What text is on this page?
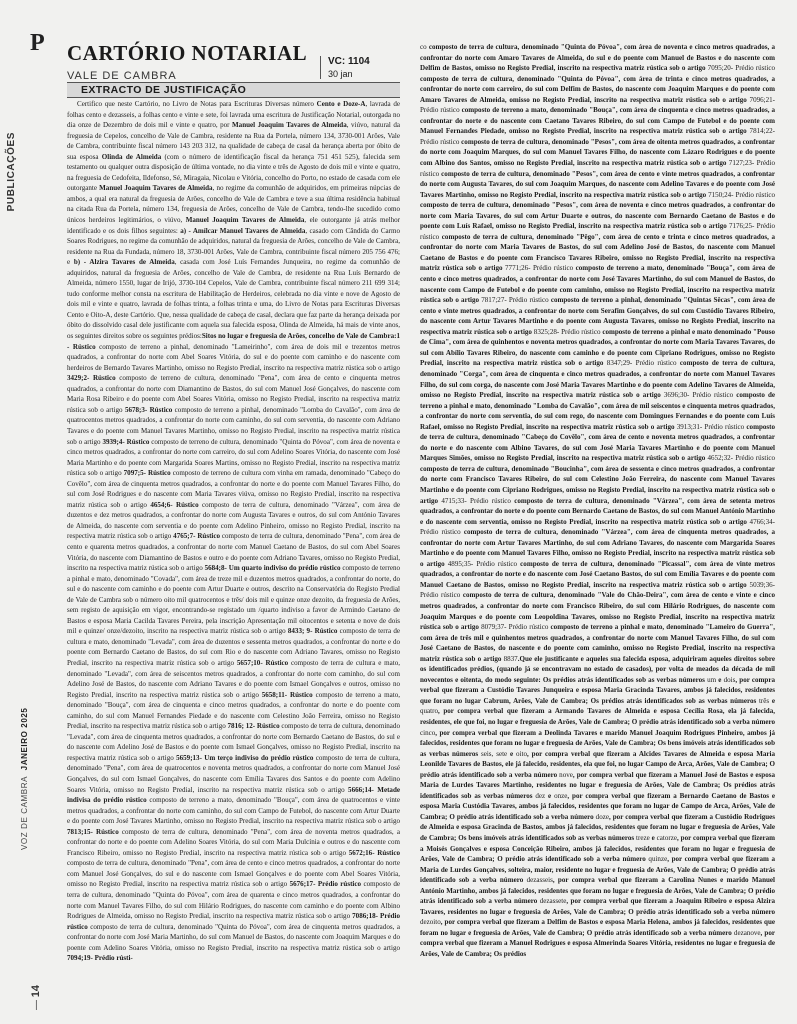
P
PUBLICAÇÕES
VOZ DE CAMBRA  JANEIRO 2025
— 14
CARTÓRIO NOTARIAL
VALE DE CAMBRA
VC: 1104
30 jan
EXTRACTO DE JUSTIFICAÇÃO

Certifico que neste Cartório, no Livro de Notas para Escrituras Diversas número Cento e Doze-A, lavrada de folhas cento e dezasseis, a folhas cento e vinte e sete, foi lavrada uma escritura de Justificação Notarial, outorgada no dia onze de Dezembro de dois mil e vinte e quatro, por Manuel Joaquim Tavares de Almeida, viúvo, natural da freguesia de Cepelos, concelho de Vale de Cambra, residente na Rua da Portela, número 134, 3730-001 Arões, Vale de Cambra, contribuinte fiscal número 143 203 312, na qualidade de cabeça de casal da herança aberta por óbito de sua esposa Olinda de Almeida (com o número de identificação fiscal da herança 751 451 525), falecida sem testamento ou qualquer outra disposição de última vontade, no dia vinte e três de Agosto de dois mil e vinte e quatro, na freguesia de Cedofeita, Ildefonso, Sé, Miragaia, Nicolau e Vitória, concelho do Porto, no estado de casada com ele outorgante Manuel Joaquim Tavares de Almeida, no regime da comunhão de adquiridos, em primeiras núpcias de ambos, a qual era natural da freguesia de Arões, concelho de Vale de Cambra e teve a sua última residência habitual na citada Rua da Portela, número 134, freguesia de Arões, concelho de Vale de Cambra, tendo-lhe sucedido como únicos herdeiros legitimários, o viúvo, Manuel Joaquim Tavares de Almeida, ele outorgante já atrás melhor identificado e os dois filhos seguintes: a) - Amílcar Manuel Tavares de Almeida, casado com Cândida do Carmo Soares Rodrigues, no regime da comunhão de adquiridos, natural da freguesia de Arões, concelho de Vale de Cambra, residente na Rua da Fundada, número 18, 3730-001 Arões, Vale de Cambra, contribuinte fiscal número 205 756 476; e b) - Alzira Tavares de Almeida, casada com José Luís Fernandes Junqueira, no regime da comunhão de adquiridos, natural da freguesia de Arões, concelho de Vale de Cambra, de residente na Rua Luís Bernardo de Almeida, número 1550, lugar de Irijó, 3730-104 Cepelos, Vale de Cambra, contribuinte fiscal número 211 699 314; tudo conforme melhor consta na escritura de Habilitação de Herdeiros, celebrada no dia vinte e nove de Agosto de dois mil e vinte e quatro, lavrada de folhas trinta, a folhas trinta e uma, do Livro de Notas para Escrituras Diversas Cento e Oito-A, deste Cartório. Que, nessa qualidade de cabeça de casal, declara que faz parte da herança deixada por óbito do dissolvido casal dele justificante com aquela sua falecida esposa, Olinda de Almeida, há mais de vinte anos, os seguintes direitos sobre os seguintes prédios:Sitos no lugar e freguesia de Arões, concelho de Vale de Cambra:1 - Rústico composto de terreno a pinhal, denominado "Lameirinho", com área de dois mil e trezentos metros quadrados, a confrontar do norte com Abel Soares Vitória, do sul e do poente com caminho e do nascente com herdeiros de Bernardo Tavares Martinho, omisso no Registo Predial, inscrito na respectiva matriz rústica sob o artigo 3429;2- Rústico composto de terreno de cultura, denominado "Pena", com área de cento e cinquenta metros quadrados, a confrontar do norte com Diamantino de Bastos, do sul com Manuel José Gonçalves, do nascente com Maria Rosa Ribeiro e do poente com Abel Soares Vitória, omisso no Registo Predial, inscrito na respectiva matriz rústica sob o artigo 5678;3- Rústico composto de terreno a pinhal, denominado "Lomba do Cavalão", com área de quatrocentos metros quadrados, a confrontar do norte com caminho, do sul com serventia, do nascente com Adriano Tavares e do poente com Manuel Tavares Martinho, omisso no Registo Predial, inscrito na respectiva matriz rústica sob o artigo 3939;4- Rústico composto de terreno de cultura, denominado "Quinta do Póvoa", com área de noventa e cinco metros quadrados, a confrontar do norte com carreiro, do sul com Adelino Soares Vitória, do nascente com José Maria Martinho e do poente com Margarida Soares Martins, omisso no Registo Predial, inscrito na respectiva matriz rústica sob o artigo 7097;5- Rústico composto de terreno de cultura com vinha em ramada, denominado "Cabeço do Covêlo", com área de cinquenta metros quadrados, a confrontar do norte e do poente com Manuel Tavares Filho, do sul com José Rodrigues e do nascente com Maria Tavares viúva, omisso no Registo Predial, inscrito na respectiva matriz rústica sob o artigo 4654;6- Rústico composto de terra de cultura, denominado "Várzea", com área de duzentos e dez metros quadrados, a confrontar do norte com Augusta Tavares e outros, do sul com António Tavares de Almeida, do nascente com serventia e do poente com Adelino Pinheiro, omisso no Registo Predial, inscrito na respectiva matriz rústica sob o artigo 4765;7- Rústico composto de terra de cultura, denominado "Pena", com área de cento e quarenta metros quadrados, a confrontar do norte com Manuel Caetano de Bastos, do sul com Abel Soares Vitória, do nascente com Diamantino de Bastos e outro e do poente com Adriano Tavares, omisso no Registo Predial, inscrito na respectiva matriz rústica sob o artigo 5684;8- Um quarto indiviso do prédio rústico composto de terreno a pinhal e mato, denominado "Covada", com área de treze mil e duzentos metros quadrados, a confrontar do norte, do sul e do nascente com caminho e do poente com Artur Duarte e outros, descrito na Conservatória do Registo Predial de Vale de Cambra sob o número oito mil quatrocentos e três/ dois mil e quinze onze dezoito, da freguesia de Arões, sem registo de aquisição em vigor, encontrando-se registado um /quarto indiviso a favor de Armindo Caetano de Bastos e esposa Maria Cacilda Tavares Pereira, pela inscrição Apresentação mil oitocentos e setenta e nove de dois mil e quinze/ onze/dezoito, inscrito na respectiva matriz rústica sob o artigo 8433; 9- Rústico composto de terra de cultura e mato, denominado "Levada", com área de duzentos e sessenta metros quadrados, a confrontar do norte e do poente com Bernardo Caetano de Bastos, do sul com Rio e do nascente com Adriano Tavares, omisso no Registo Predial, inscrito na respectiva matriz rústica sob o artigo 5657;10- Rústico composto de terra de cultura e mato, denominado "Levada", com área de seiscentos metros quadrados, a confrontar do norte com caminho, do sul com Adelino José de Bastos, do nascente com Adriano Tavares e do poente com Ismael Gonçalves e outros, omisso no Registo Predial, inscrito na respectiva matriz rústica sob o artigo 5658;11- Rústico composto de terreno a mato, denominado "Bouça", com área de cinquenta e cinco metros quadrados, a confrontar do norte e do poente com caminho, do sul com Manuel Fernandes Piedade e do nascente com Celestino João Ferreira, omisso no Registo Predial, inscrito na respectiva matriz rústica sob o artigo 7816; 12- Rústico composto de terra de cultura, denominado "Levada", com área de cinquenta metros quadrados, a confrontar do norte com Bernardo Caetano de Bastos, do sul e do nascente com Adelino José de Bastos e do poente com Ismael Gonçalves, omisso no Registo Predial, inscrito na respectiva matriz rústica sob o artigo 5659;13- Um terço indiviso do prédio rústico composto de terra de cultura, denominado "Pena", com área de quatrocentos e noventa metros quadrados, a confrontar do norte com Manuel José Gonçalves, do sul com Ismael Gonçalves, do nascente com Emília Tavares dos Santos e do poente com Adelino Soares Vitória, omisso no Registo Predial, inscrito na respectiva matriz rústica sob o artigo 5666;14- Metade indivisa do prédio rústico composto de terreno a mato, denominado "Bouça", com área de quatrocentos e vinte metros quadrados, a confrontar do norte com caminho, do sul com Campo de Futebol, do nascente com Artur Duarte e do poente com José Tavares Martinho, omisso no Registo Predial, inscrito na respectiva matriz rústica sob o artigo 7813;15- Rústico composto de terra de cultura, denominado "Pena", com área de noventa metros quadrados, a confrontar do norte e do poente com Adelino Soares Vitória, do sul com Maria Dulcínia e outros e do nascente com Francisco Ribeiro, omisso no Registo Predial, inscrito na respectiva matriz rústica sob o artigo 5672;16- Rústico composto de terra de cultura, denominado "Pena", com área de cento e cinco metros quadrados, a confrontar do norte com Manuel José Gonçalves, do sul e do nascente com Ismael Gonçalves e do poente com Abel Soares Vitória, omisso no Registo Predial, inscrito na respectiva matriz rústica sob o artigo 5676;17- Prédio rústico composto de terra de cultura, denominado "Quinta do Póvoa", com área de quarenta e cinco metros quadrados, a confrontar do norte com Manuel Tavares Filho, do sul com Hilário Rodrigues, do nascente com caminho e do poente com Albino Rodrigues de Almeida, omisso no Registo Predial, inscrito na respectiva matriz rústica sob o artigo 7086;18- Prédio rústico composto de terra de cultura, denominado "Quinta do Póvoa", com área de cinquenta metros quadrados, a confrontar do norte com José Maria Martinho, do sul com Manuel de Bastos, do nascente com Joaquim Marques e do poente com Adelino Soares Vitória, omisso no Registo Predial, inscrito na respectiva matriz rústica sob o artigo 7094;19- Prédio rústi-

co composto de terra de cultura, denominado "Quinta do Póvoa", com área de noventa e cinco metros quadrados, a confrontar do norte com Amaro Tavares de Almeida, do sul e do poente com Manuel de Bastos e do nascente com Delfim de Bastos, omisso no Registo Predial, inscrito na respectiva matriz rústica sob o artigo 7095;20- Prédio rústico composto de terra de cultura, denominado "Quinta do Póvoa", com área de trinta e cinco metros quadrados, a confrontar do norte com carreiro, do sul com Delfim de Bastos, do nascente com Joaquim Marques e do poente com Amaro Tavares de Almeida, omisso no Registo Predial, inscrito na respectiva matriz rústica sob o artigo 7096;21- Prédio rústico composto de terreno a mato, denominado "Bouça", com área de cinquenta e cinco metros quadrados, a confrontar do norte e do nascente com Caetano Tavares Ribeiro, do sul com Campo de Futebol e do poente com Manuel Fernandes Piedade, omisso no Registo Predial, inscrito na respectiva matriz rústica sob o artigo 7814;22- Prédio rústico composto de terra de cultura, denominado "Pesos", com área de oitenta metros quadrados, a confrontar do norte com Joaquim Marques, do sul com Manuel Tavares Filho, do nascente com Lázaro Rodrigues e do poente com Albino dos Santos, omisso no Registo Predial, inscrito na respectiva matriz rústica sob o artigo 7127;23- Prédio rústico composto de terra de cultura, denominado "Pesos", com área de cento e vinte metros quadrados, a confrontar do norte com Augusta Tavares, do sul com Joaquim Marques, do nascente com Adelino Tavares e do poente com José Tavares Martinho, omisso no Registo Predial, inscrito na respectiva matriz rústica sob o artigo 7150;24- Prédio rústico composto de terra de cultura, denominado "Pesos", com área de noventa e cinco metros quadrados, a confrontar do norte com Maria Tavares, do sul com Artur Duarte e outros, do nascente com Bernardo Caetano de Bastos e do poente com Luís Rafael, omisso no Registo Predial, inscrito na respectiva matriz rústica sob o artigo 7176;25- Prédio rústico composto de terra de cultura, denominado "Pêgo", com área de cento e trinta e cinco metros quadrados, a confrontar do norte com Maria Tavares de Bastos, do sul com Adelino José de Bastos, do nascente com Manuel Caetano de Bastos e do poente com Francisco Tavares Ribeiro, omisso no Registo Predial, inscrito na respectiva matriz rústica sob o artigo 7771;26- Prédio rústico composto de terreno a mato, denominado "Bouça", com área de cento e cinco metros quadrados, a confrontar do norte com José Tavares Martinho, do sul com Manuel de Bastos, do nascente com Campo de Futebol e do poente com caminho, omisso no Registo Predial, inscrito na respectiva matriz rústica sob o artigo 7817;27- Prédio rústico composto de terreno a pinhal, denominado "Quintas Sêcas", com área de cento e vinte metros quadrados, a confrontar do norte com Serafim Gonçalves, do sul com Custódio Tavares Ribeiro, do nascente com Artur Tavares Martinho e do poente com Augusta Tavares, omisso no Registo Predial, inscrito na respectiva matriz rústica sob o artigo 8325;28- Prédio rústico composto de terreno a pinhal e mato denominado "Pouso de Cima", com área de quinhentos e noventa metros quadrados, a confrontar do norte com Maria Tavares Tavares, do sul com Abílio Tavares Ribeiro, do nascente com caminho e do poente com Cipriano Rodrigues, omisso no Registo Predial, inscrito na respectiva matriz rústica sob o artigo 8347;29- Prédio rústico composto de terra de cultura, denominado "Corga", com área de cinquenta e cinco metros quadrados, a confrontar do norte com Manuel Tavares Filho, do sul com corga, do nascente com José Maria Tavares Martinho e do poente com Adelino Tavares de Almeida, omisso no Registo Predial, inscrito na respectiva matriz rústica sob o artigo 3696;30- Prédio rústico composto de terreno a pinhal e mato, denominado "Lomba do Cavalão", com área de mil seiscentos e cinquenta metros quadrados, a confrontar do norte com serventia, do sul com rego, do nascente com Domingues Fernandes e do poente com Luís Rafael, omisso no Registo Predial, inscrito na respectiva matriz rústica sob o artigo 3913;31- Prédio rústico composto de terra de cultura, denominado "Cabeço do Covêlo", com área de cento e noventa metros quadrados, a confrontar do norte e do nascente com Albino Tavares, do sul com José Maria Tavares Martinho e do poente com Manuel Marques Simões, omisso no Registo Predial, inscrito na respectiva matriz rústica sob o artigo 4652;32- Prédio rústico composto de terra de cultura, denominado "Boucinha", com área de sessenta e cinco metros quadrados, a confrontar do norte com Francisco Tavares Ribeiro, do sul com Celestino João Ferreira, do nascente com Manuel Tavares Martinho e do poente com Cipriano Rodrigues, omisso no Registo Predial, inscrito na respectiva matriz rústica sob o artigo 4715;33- Prédio rústico composto de terra de cultura, denominado "Várzea", com área de setenta metros quadrados, a confrontar do norte e do poente com Bernardo Caetano de Bastos, do sul com Manuel António Martinho e do nascente com serventia, omisso no Registo Predial, inscrito na respectiva matriz rústica sob o artigo 4766;34- Prédio rústico composto de terra de cultura, denominado "Várzea", com área de cinquenta metros quadrados, a confrontar do norte com Artur Tavares Martinho, do sul com Adriano Tavares, do nascente com Margarida Soares Martinho e do poente com Manuel Tavares Filho, omisso no Registo Predial, inscrito na respectiva matriz rústica sob o artigo 4895;35- Prédio rústico composto de terra de cultura, denominado "Picassal", com área de vinte metros quadrados, a confrontar do norte e do nascente com José Caetano Bastos, do sul com Emília Tavares e do poente com Manuel Caetano de Bastos, omisso no Registo Predial, inscrito na respectiva matriz rústica sob o artigo 5039;36- Prédio rústico composto de terra de cultura, denominado "Vale do Chão-Deira", com área de cento e vinte e cinco metros quadrados, a confrontar do norte com Francisco Ribeiro, do sul com Hilário Rodrigues, do nascente com Joaquim Marques e do poente com Leopoldina Tavares, omisso no Registo Predial, inscrito na respectiva matriz rústica sob o artigo 8079;37- Prédio rústico composto de terreno a pinhal e mato, denominado "Lameiro do Guerra", com área de três mil e quinhentos metros quadrados, a confrontar do norte com Manuel Tavares Filho, do sul com José Caetano de Bastos, do nascente e do poente com caminho, omisso no Registo Predial, inscrito na respectiva matriz rústica sob o artigo 8837.Que ele justificante e aqueles sua falecida esposa, adquiriram aqueles direitos sobre os identificados prédios, (quando já se encontravam no estado de casados), por volta de meados da década de mil novecentos e oitenta, do modo seguinte: Os prédios atrás identificados sob as verbas números um e dois, por compra verbal que fizeram a Custódio Tavares Junqueira e esposa Maria Gracinda Tavares, ambos já falecidos, residentes que foram no lugar Cabrum, Arões, Vale de Cambra; Os prédios atrás identificados sob as verbas números três e quatro, por compra verbal que fizeram a Armando Tavares de Almeida e esposa Cecília Rosa, ela já falecida, residentes, ele que foi, no lugar e freguesia de Arões, Vale de Cambra; O prédio atrás identificado sob a verba número cinco, por compra verbal que fizeram a Deolinda Tavares e marido Manuel Joaquim Rodrigues Pinheiro, ambos já falecidos, residentes que foram no lugar e freguesia de Arões, Vale de Cambra; Os bens imóveis atrás identificados sob as verbas números seis, sete e oito, por compra verbal que fizeram a Alcides Tavares de Almeida e esposa Maria Leonilde Tavares de Bastos, ele já falecido, residentes, ela que foi, no lugar Campo de Arca, Arões, Vale de Cambra; O prédio atrás identificado sob a verba número nove, por compra verbal que fizeram a Manuel José de Bastos e esposa Maria de Lurdes Tavares Martinho, residentes no lugar e freguesia de Arões, Vale de Cambra; Os prédios atrás identificados sob as verbas números dez e onze, por compra verbal que fizeram a Bernardo Caetano de Bastos e esposa Maria Custódia Tavares, ambos já falecidos, residentes que foram no lugar de Campo de Arca, Arões, Vale de Cambra; O prédio atrás identificado sob a verba número doze, por compra verbal que fizeram a Custódio Rodrigues de Almeida e esposa Gracinda de Bastos, ambos já falecidos, residentes que foram no lugar e freguesia de Arões, Vale de Cambra; Os bens imóveis atrás identificados sob as verbas números treze e catorze, por compra verbal que fizeram a Moisés Gonçalves e esposa Conceição Ribeiro, ambos já falecidos, residentes que foram no lugar e freguesia de Arões, Vale de Cambra; O prédio atrás identificado sob a verba número quinze, por compra verbal que fizeram a Maria de Lurdes Gonçalves, solteira, maior, residente no lugar e freguesia de Arões, Vale de Cambra; O prédio atrás identificado sob a verba número dezasseis, por compra verbal que fizeram a Carolina Nunes e marido Manuel António Martinho, ambos já falecidos, residentes que foram no lugar e freguesia de Arões, Vale de Cambra; O prédio atrás identificado sob a verba número dezassete, por compra verbal que fizeram a Joaquim Ribeiro e esposa Alzira Tavares, residentes no lugar e freguesia de Arões, Vale de Cambra; O prédio atrás identificado sob a verba número dezoito, por compra verbal que fizeram a Delfim de Bastos e esposa Maria Helena, ambos já falecidos, residentes que foram no lugar e freguesia de Arões, Vale de Cambra; O prédio atrás identificado sob a verba número dezanove, por compra verbal que fizeram a Manuel Rodrigues e esposa Almerinda Soares Vitória, residentes no lugar e freguesia de Arões, Vale de Cambra; Os prédios
